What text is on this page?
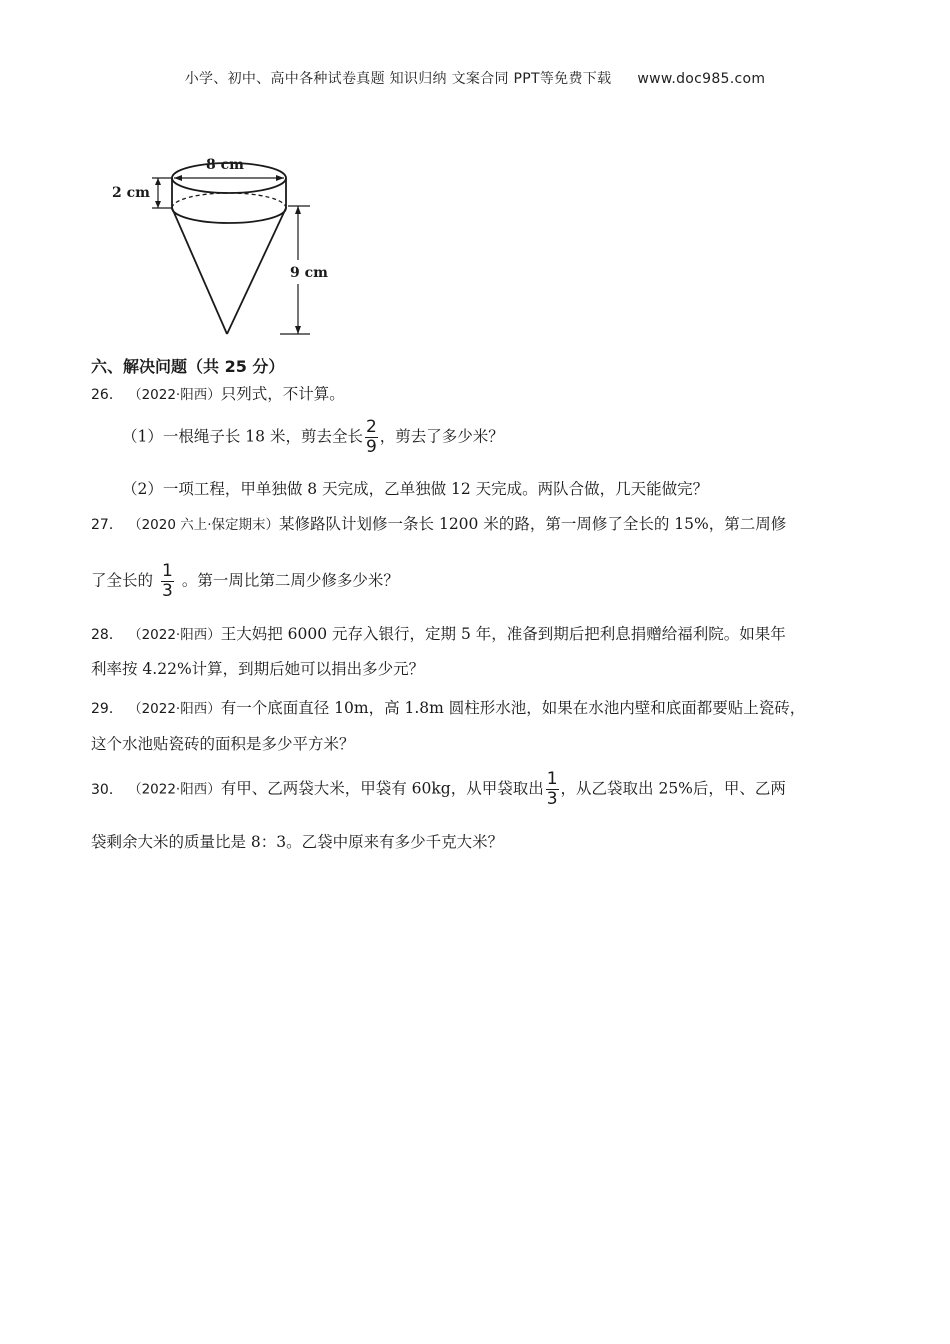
小学、初中、高中各种试卷真题 知识归纳 文案合同 PPT等免费下载 www.doc985.com
8 cm
2 cm
9 cm
六、解决问题（共 25 分）
26． （2022·阳西）只列式，不计算。
（1）一根绳子长 18 米，剪去全长 $\frac{2}{9}$ ，剪去了多少米？
（2）一项工程，甲单独做 8 天完成，乙单独做 12 天完成。两队合做，几天能做完？
27． （2020 六上·保定期末）某修路队计划修一条长 1200 米的路，第一周修了全长的 15%，第二周修
了全长的 $\frac{1}{3}$ 。第一周比第二周少修多少米？
28． （2022·阳西）王大妈把 6000 元存入银行，定期 5 年，准备到期后把利息捐赠给福利院。如果年
利率按 4.22%计算，到期后她可以捐出多少元？
29． （2022·阳西）有一个底面直径 10m，高 1.8m 圆柱形水池，如果在水池内壁和底面都要贴上瓷砖，
这个水池贴瓷砖的面积是多少平方米？
30． （2022·阳西）有甲、乙两袋大米，甲袋有 60kg，从甲袋取出 $\frac{1}{3}$ ，从乙袋取出 25%后，甲、乙两
袋剩余大米的质量比是 8：3。乙袋中原来有多少千克大米？
